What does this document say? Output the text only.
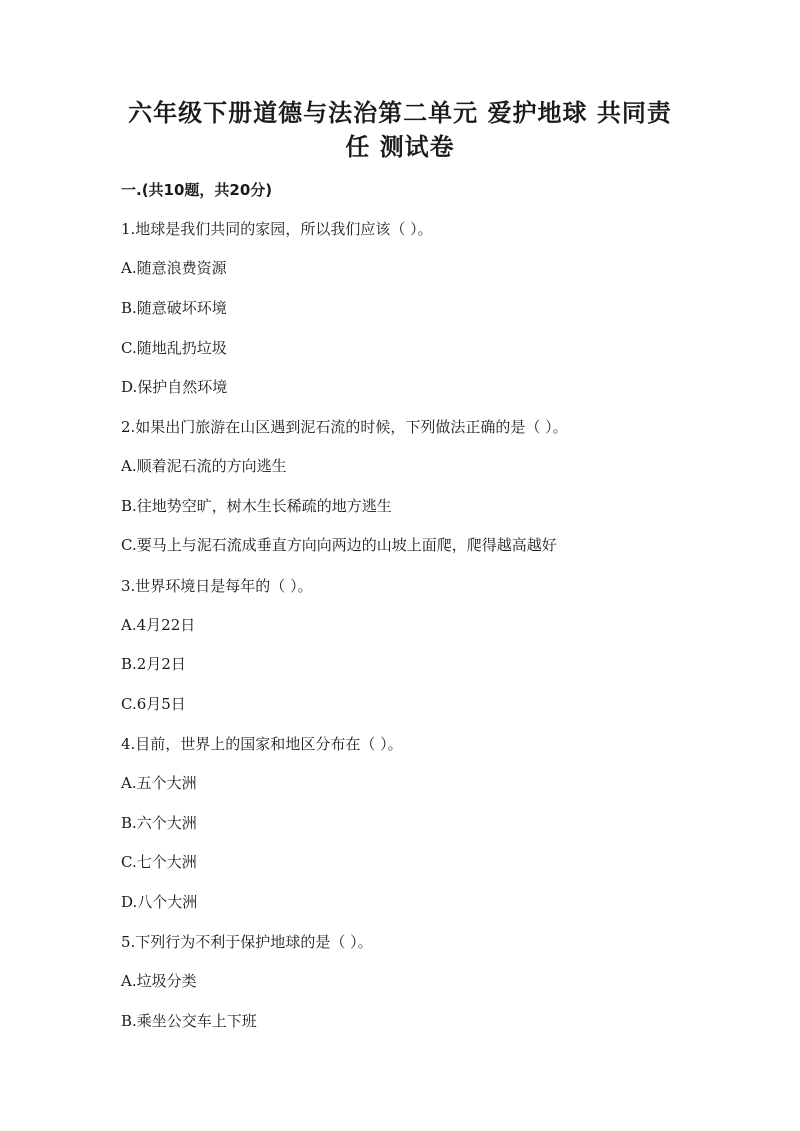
六年级下册道德与法治第二单元 爱护地球 共同责
任 测试卷
一.(共10题，共20分)
1.地球是我们共同的家园，所以我们应该（ ）。
A.随意浪费资源
B.随意破坏环境
C.随地乱扔垃圾
D.保护自然环境
2.如果出门旅游在山区遇到泥石流的时候，下列做法正确的是（ ）。
A.顺着泥石流的方向逃生
B.往地势空旷，树木生长稀疏的地方逃生
C.要马上与泥石流成垂直方向向两边的山坡上面爬，爬得越高越好
3.世界环境日是每年的（ ）。
A.4月22日
B.2月2日
C.6月5日
4.目前，世界上的国家和地区分布在（ ）。
A.五个大洲
B.六个大洲
C.七个大洲
D.八个大洲
5.下列行为不利于保护地球的是（ ）。
A.垃圾分类
B.乘坐公交车上下班
